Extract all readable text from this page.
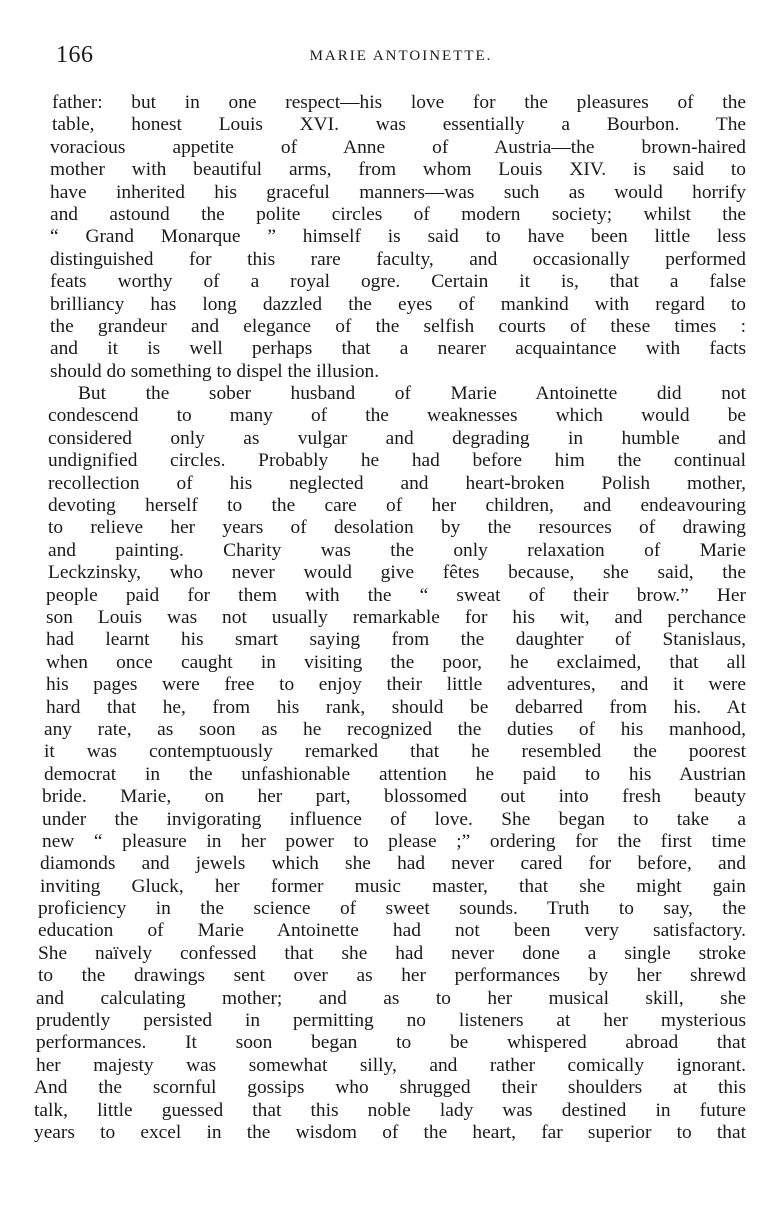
166	MARIE ANTOINETTE.
father: but in one respect—his love for the pleasures of the
table, honest Louis XVI. was essentially a Bourbon. The
voracious appetite of Anne of Austria—the brown-haired
mother with beautiful arms, from whom Louis XIV. is said to
have inherited his graceful manners—was such as would horrify
and astound the polite circles of modern society; whilst the
“ Grand Monarque ” himself is said to have been little less
distinguished for this rare faculty, and occasionally performed
feats worthy of a royal ogre. Certain it is, that a false
brilliancy has long dazzled the eyes of mankind with regard to
the grandeur and elegance of the selfish courts of these times :
and it is well perhaps that a nearer acquaintance with facts
should do something to dispel the illusion.
But the sober husband of Marie Antoinette did not
condescend to many of the weaknesses which would be
considered only as vulgar and degrading in humble and
undignified circles. Probably he had before him the continual
recollection of his neglected and heart-broken Polish mother,
devoting herself to the care of her children, and endeavouring
to relieve her years of desolation by the resources of drawing
and painting. Charity was the only relaxation of Marie
Leckzinsky, who never would give fêtes because, she said, the
people paid for them with the “ sweat of their brow.” Her
son Louis was not usually remarkable for his wit, and perchance
had learnt his smart saying from the daughter of Stanislaus,
when once caught in visiting the poor, he exclaimed, that all
his pages were free to enjoy their little adventures, and it were
hard that he, from his rank, should be debarred from his. At
any rate, as soon as he recognized the duties of his manhood,
it was contemptuously remarked that he resembled the poorest
democrat in the unfashionable attention he paid to his Austrian
bride. Marie, on her part, blossomed out into fresh beauty
under the invigorating influence of love. She began to take a
new “ pleasure in her power to please ;” ordering for the first time
diamonds and jewels which she had never cared for before, and
inviting Gluck, her former music master, that she might gain
proficiency in the science of sweet sounds. Truth to say, the
education of Marie Antoinette had not been very satisfactory.
She naïvely confessed that she had never done a single stroke
to the drawings sent over as her performances by her shrewd
and calculating mother; and as to her musical skill, she
prudently persisted in permitting no listeners at her mysterious
performances. It soon began to be whispered abroad that
her majesty was somewhat silly, and rather comically ignorant.
And the scornful gossips who shrugged their shoulders at this
talk, little guessed that this noble lady was destined in future
years to excel in the wisdom of the heart, far superior to that
